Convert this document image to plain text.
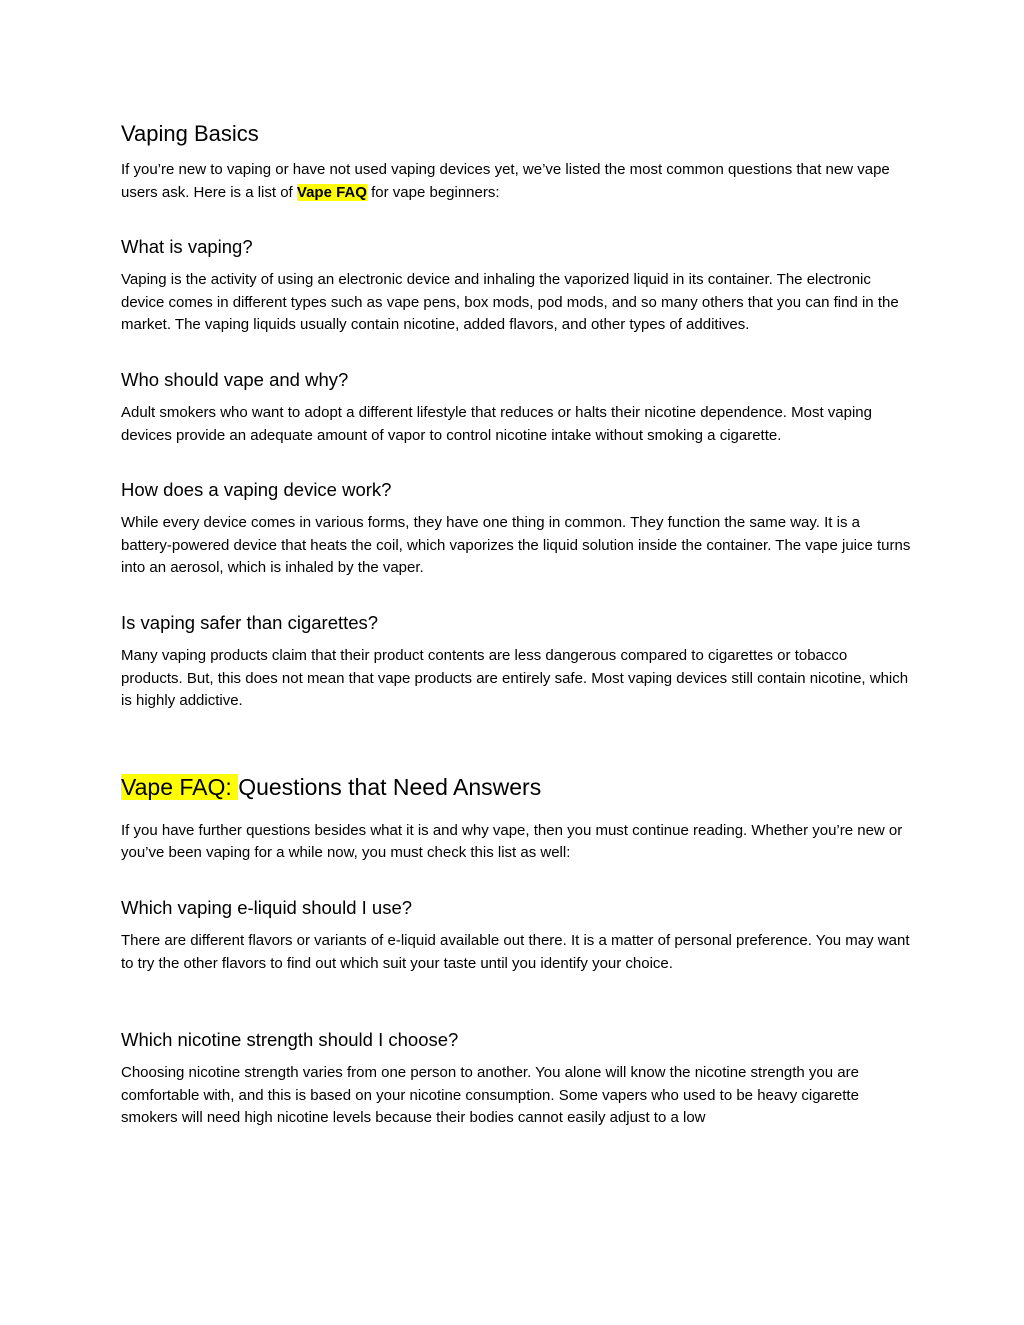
Vaping Basics

If you’re new to vaping or have not used vaping devices yet, we’ve listed the most common questions that new vape users ask. Here is a list of Vape FAQ for vape beginners:

What is vaping?

Vaping is the activity of using an electronic device and inhaling the vaporized liquid in its container. The electronic device comes in different types such as vape pens, box mods, pod mods, and so many others that you can find in the market. The vaping liquids usually contain nicotine, added flavors, and other types of additives.

Who should vape and why?

Adult smokers who want to adopt a different lifestyle that reduces or halts their nicotine dependence. Most vaping devices provide an adequate amount of vapor to control nicotine intake without smoking a cigarette.

How does a vaping device work?

While every device comes in various forms, they have one thing in common. They function the same way. It is a battery-powered device that heats the coil, which vaporizes the liquid solution inside the container. The vape juice turns into an aerosol, which is inhaled by the vaper.

Is vaping safer than cigarettes?

Many vaping products claim that their product contents are less dangerous compared to cigarettes or tobacco products. But, this does not mean that vape products are entirely safe. Most vaping devices still contain nicotine, which is highly addictive.

Vape FAQ: Questions that Need Answers

If you have further questions besides what it is and why vape, then you must continue reading. Whether you’re new or you’ve been vaping for a while now, you must check this list as well:

Which vaping e-liquid should I use?

There are different flavors or variants of e-liquid available out there. It is a matter of personal preference. You may want to try the other flavors to find out which suit your taste until you identify your choice.

Which nicotine strength should I choose?

Choosing nicotine strength varies from one person to another. You alone will know the nicotine strength you are comfortable with, and this is based on your nicotine consumption. Some vapers who used to be heavy cigarette smokers will need high nicotine levels because their bodies cannot easily adjust to a low
